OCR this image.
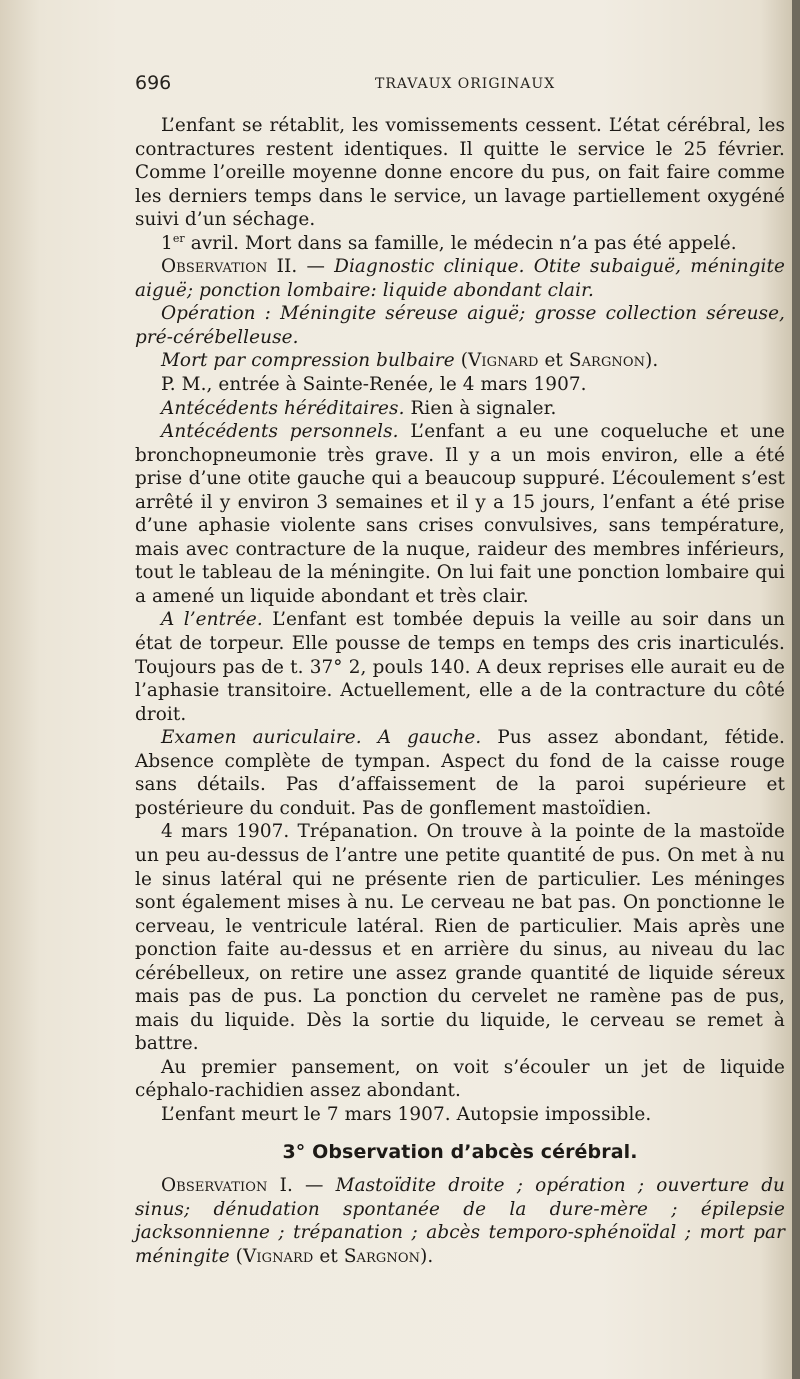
696	TRAVAUX ORIGINAUX

L’enfant se rétablit, les vomissements cessent. L’état cérébral, les contractures restent identiques. Il quitte le service le 25 février. Comme l’oreille moyenne donne encore du pus, on fait faire comme les derniers temps dans le service, un lavage partiellement oxygéné suivi d’un séchage.

1er avril. Mort dans sa famille, le médecin n’a pas été appelé.

Observation II. — Diagnostic clinique. Otite subaiguë, méningite aiguë; ponction lombaire: liquide abondant clair.

Opération : Méningite séreuse aiguë; grosse collection séreuse, pré-cérébelleuse.

Mort par compression bulbaire (Vignard et Sargnon).

P. M., entrée à Sainte-Renée, le 4 mars 1907.

Antécédents héréditaires. Rien à signaler.

Antécédents personnels. L’enfant a eu une coqueluche et une bronchopneumonie très grave. Il y a un mois environ, elle a été prise d’une otite gauche qui a beaucoup suppuré. L’écoulement s’est arrêté il y environ 3 semaines et il y a 15 jours, l’enfant a été prise d’une aphasie violente sans crises convulsives, sans température, mais avec contracture de la nuque, raideur des membres inférieurs, tout le tableau de la méningite. On lui fait une ponction lombaire qui a amené un liquide abondant et très clair.

A l’entrée. L’enfant est tombée depuis la veille au soir dans un état de torpeur. Elle pousse de temps en temps des cris inarticulés. Toujours pas de t. 37° 2, pouls 140. A deux reprises elle aurait eu de l’aphasie transitoire. Actuellement, elle a de la contracture du côté droit.

Examen auriculaire. A gauche. Pus assez abondant, fétide. Absence complète de tympan. Aspect du fond de la caisse rouge sans détails. Pas d’affaissement de la paroi supérieure et postérieure du conduit. Pas de gonflement mastoïdien.

4 mars 1907. Trépanation. On trouve à la pointe de la mastoïde un peu au-dessus de l’antre une petite quantité de pus. On met à nu le sinus latéral qui ne présente rien de particulier. Les méninges sont également mises à nu. Le cerveau ne bat pas. On ponctionne le cerveau, le ventricule latéral. Rien de particulier. Mais après une ponction faite au-dessus et en arrière du sinus, au niveau du lac cérébelleux, on retire une assez grande quantité de liquide séreux mais pas de pus. La ponction du cervelet ne ramène pas de pus, mais du liquide. Dès la sortie du liquide, le cerveau se remet à battre.

Au premier pansement, on voit s’écouler un jet de liquide céphalo-rachidien assez abondant.

L’enfant meurt le 7 mars 1907. Autopsie impossible.

3° Observation d’abcès cérébral.

Observation I. — Mastoïdite droite ; opération ; ouverture du sinus; dénudation spontanée de la dure-mère ; épilepsie jacksonnienne ; trépanation ; abcès temporo-sphénoïdal ; mort par méningite (Vignard et Sargnon).
